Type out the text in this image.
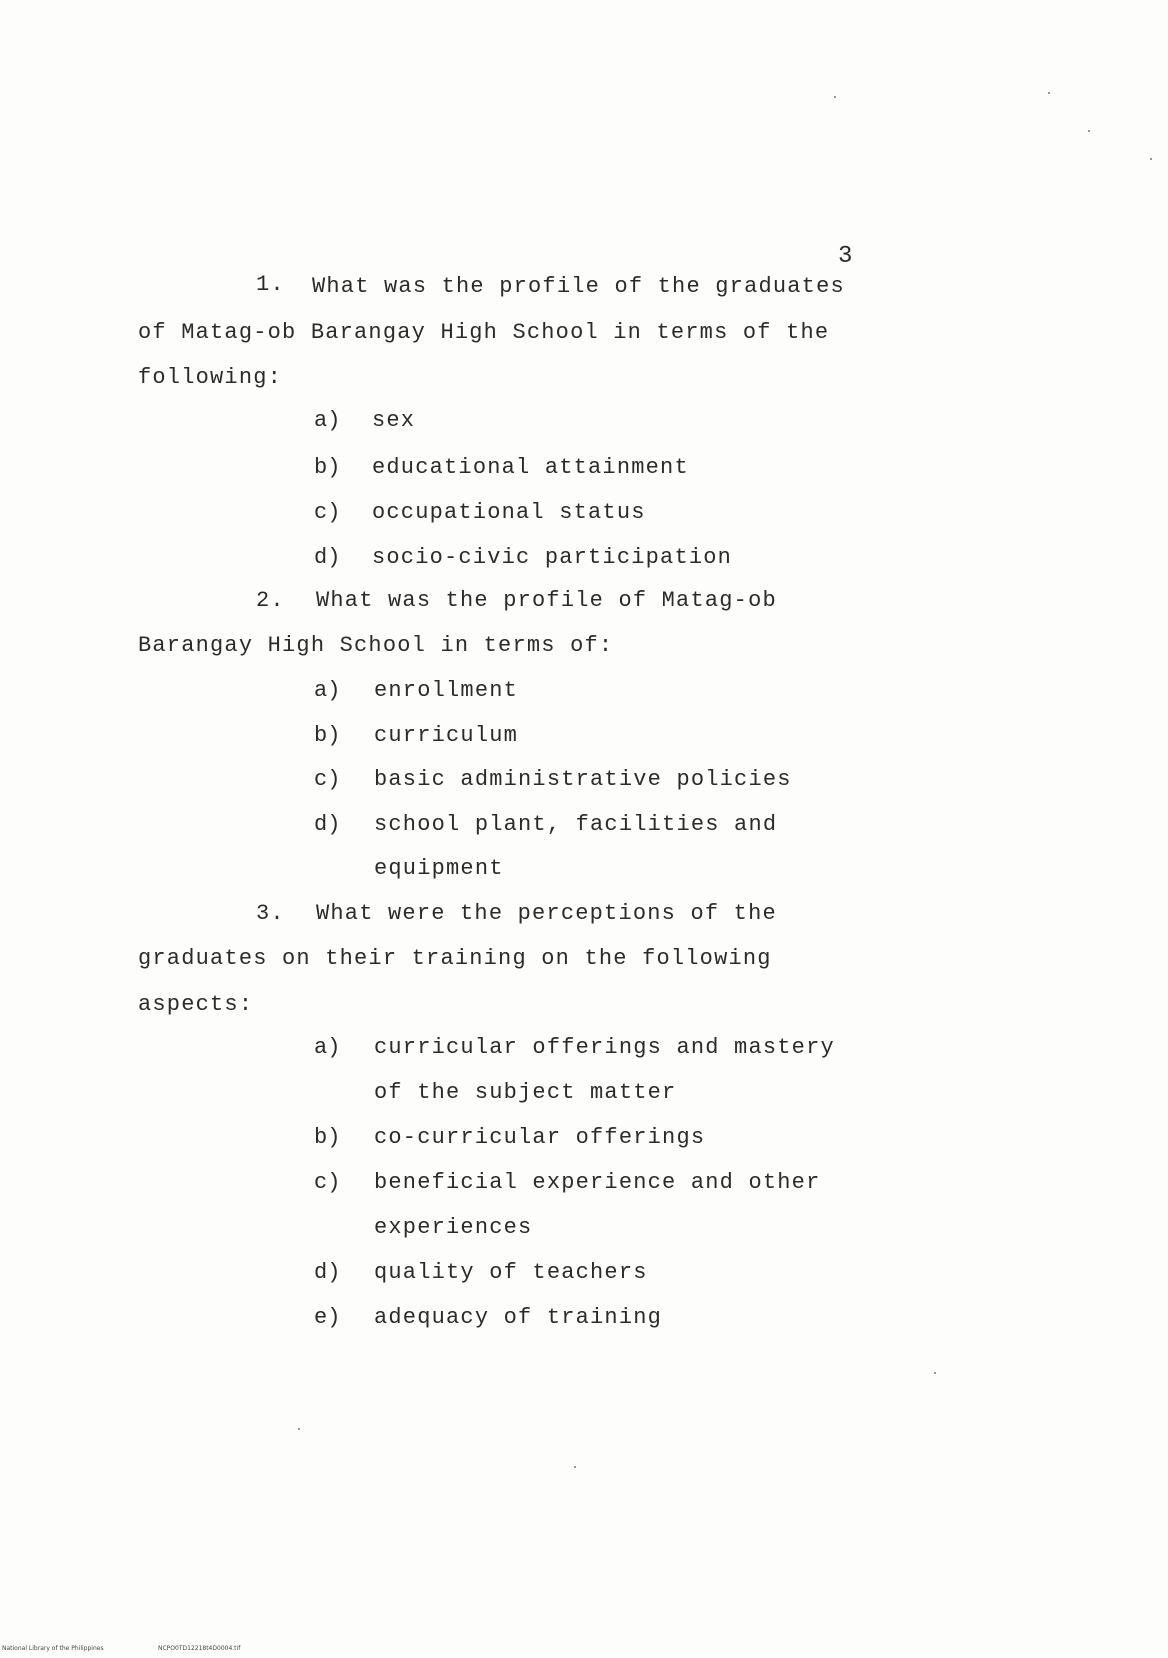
3
1. What was the profile of the graduates
of Matag-ob Barangay High School in terms of the
following:
a) sex
b) educational attainment
c) occupational status
d) socio-civic participation
2. What was the profile of Matag-ob
Barangay High School in terms of:
a) enrollment
b) curriculum
c) basic administrative policies
d) school plant, facilities and
equipment
3. What were the perceptions of the
graduates on their training on the following
aspects:
a) curricular offerings and mastery
of the subject matter
b) co-curricular offerings
c) beneficial experience and other
experiences
d) quality of teachers
e) adequacy of training
National Library of the Philippines	NCPO0TD12218t4D0004.tif
